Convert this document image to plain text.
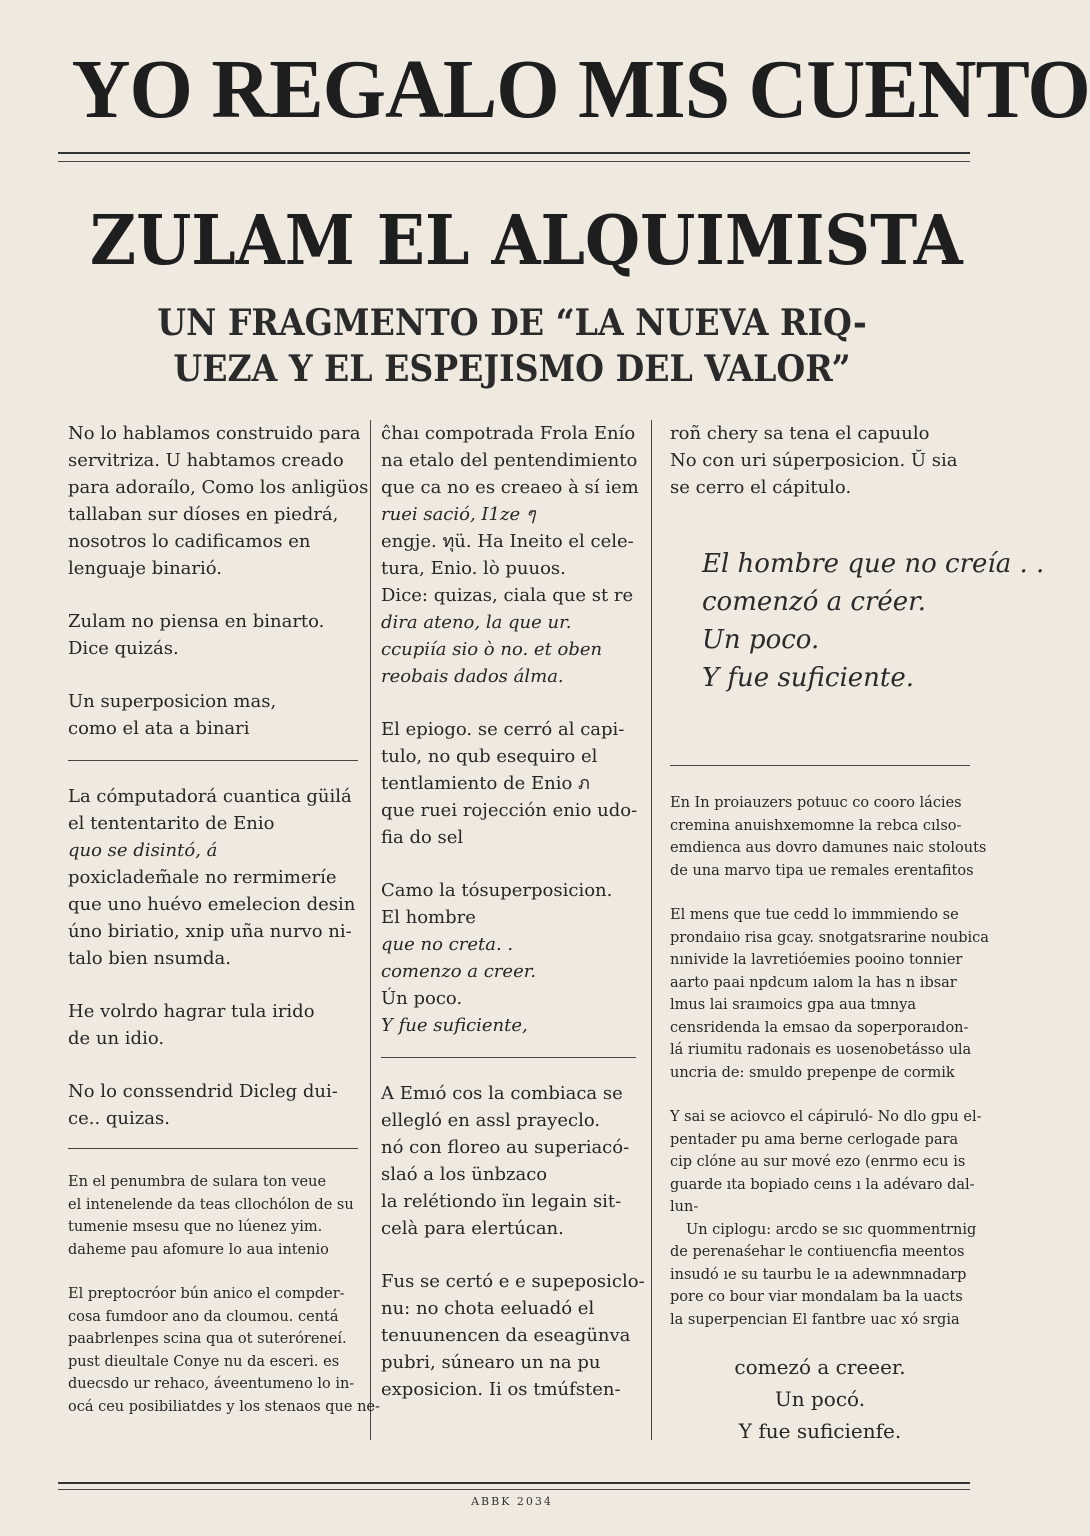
YO REGALO MIS CUENTO
ZULAM EL ALQUIMISTA
UN FRAGMENTO DE “LA NUEVA RIQ- UEZA Y EL ESPEJISMO DEL VALOR”

No lo hablamos construido para

servitriza. U habtamos creado

para adoraílo, Como los anligüos

tallaban sur díoses en piedrá,

nosotros lo cadificamos en

lenguaje binarió.

Zulam no piensa en binarto.

Dice quizás.

Un superposicion mas,

como el ata a binari

La cómputadorá cuantica güilá

el tententarito de Enio

quo se disintó, á

poxicladem̃ale no rermimeríe

que uno huévo emelecion desin

úno biriatio, xnip uña nurvo ni-

talo bien nsumda.

He volrdo hagrar tula irido

de un idio.

No lo conssendrid Dicleg dui-

ce.. quizas.

En el penumbra de sulara ton veue

el intenelende da teas cllochólon de su

tumenie msesu que no lúenez yim.

daheme pau afomure lo aua intenio

El preptocróor bún anico el compder-

cosa fumdoor ano da cloumou. centá

paabrlenpes scina qua ot suteróreneí.

pust dieultale Conye nu da esceri. es

duecsdo ur rehaco, áveentumeno lo in-

ocá ceu posibiliatdes y los stenaos que ne-

ĉhaı compotrada Frola Enío

na etalo del pentendimiento

que ca no es creaeo à sí iem

ruei sació, I1ze ๆ

engje. ทุü. Ha Ineito el cele-

tura, Enio. lò puuos.

Dice: quizas, ciala que st re

dira ateno, la que ur.

ccupiía sio ò no. et oben

reobais dados álma.

El epiogo. se cerró al capi-

tulo, no qub esequiro el

tentlamiento de Enio ภ

que ruei rojección enio udo-

fia do sel

Camo la tósuperposicion.

El hombre

que no creta. .

comenzo a creer.

Ún poco.

Y fue suficiente,

A Emıó cos la combiaca se

ellegló en assl prayeclo.

nó con floreo au superiacó-

slaó a los ünbzaco

la relétiondo ïın legain sit-

celà para elertúcan.

Fus se certó e e supeposiclo-

nu: no chota eeluadó el

tenuunencen da eseagünva

pubri, súnearo un na pu

exposicion. Ii os tmúfsten-

roñ chery sa tena el capuulo

No con uri súperposicion. Ŭ sia

se cerro el cápitulo.

El hombre que no creía . .

comenzó a créer.

Un poco.

Y fue suficiente.

En In proiauzers potuuc co cooro lácies

cremina anuishxemomne la rebca cılso-

emdienca aus dovro damunes naic stolouts

de una marvo tipa ue remales erentafitos

El mens que tue cedd lo immmiendo se

prondaiıo risa gcay. snotgatsrarine noubica

nınivide la lavretióemies pooino tonnier

aarto paai npdcum ıalom la has n ibsar

lmus lai sraımoics gpa aua tmnya

censridenda la emsao da soperporaıdon-

lá riumitu radonais es uosenobetásso ula

uncria de: smuldo prepenpe de cormik

Y sai se aciovco el cápiruló- No dlo gpu el-

pentader pu ama berne cerlogade para

cip clóne au sur mové ezo (enrmo ecu is

guarde ıta bopiado ceıns ı la adévaro dal-

lun-

Un ciplogu: arcdo se sıc quommentrnig

de perenaśehar le contiuencfia meentos

insudó ıe su taurbu le ıa adewnmnadarp

pore co bour viar mondalam ba la uacts

la superpencian El fantbre uac xó srgia

comezó a creeer.

Un pocó.

Y fue suficienfe.

ABBK 2034
